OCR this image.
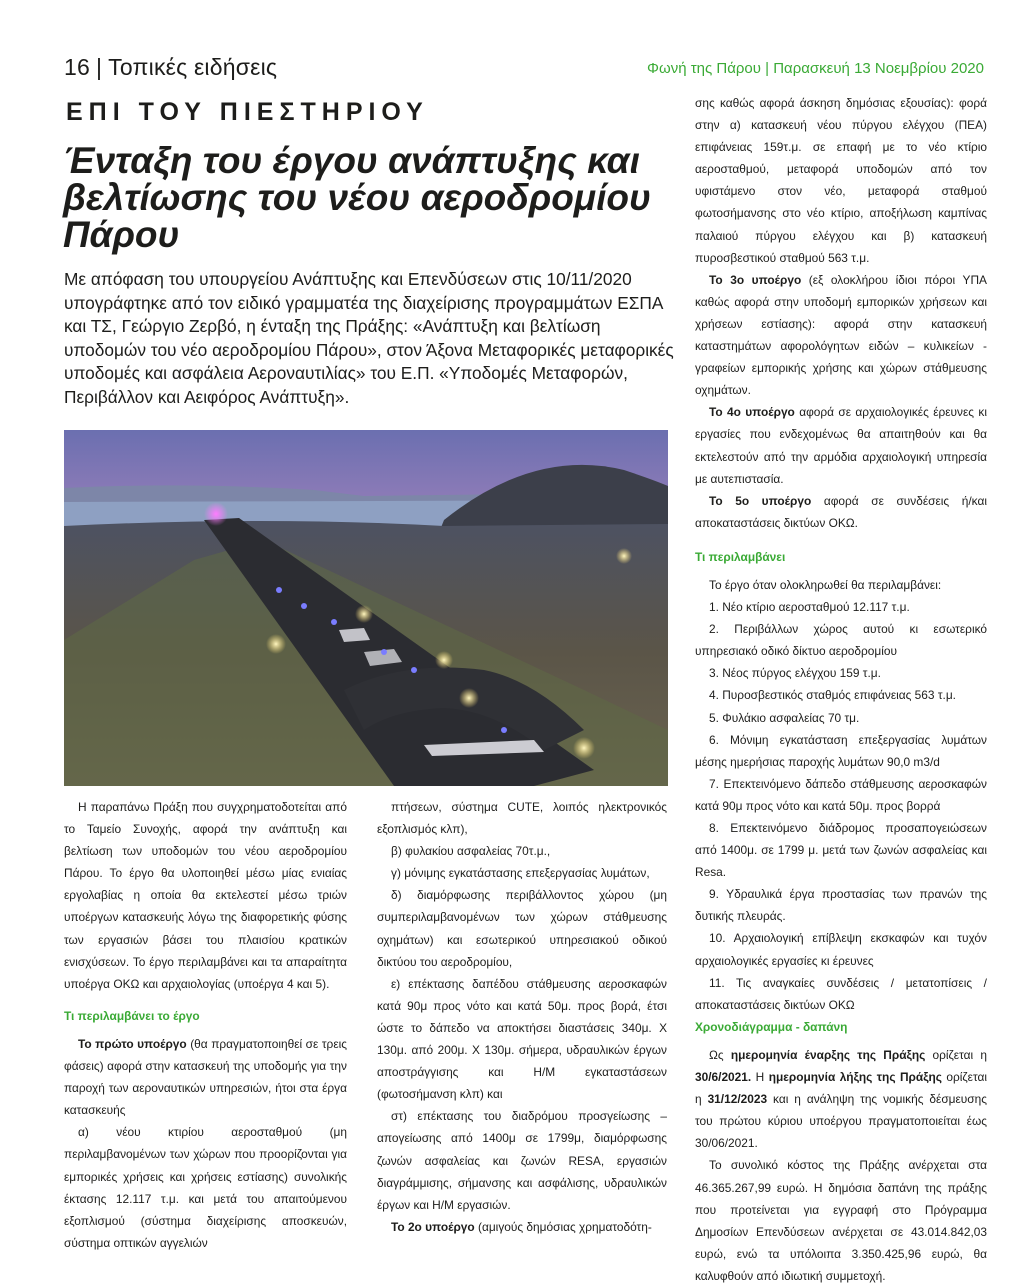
16 | Τοπικές ειδήσεις	Φωνή της Πάρου | Παρασκευή 13 Νοεμβρίου 2020
ΕΠΙ ΤΟΥ ΠΙΕΣΤΗΡΙΟΥ
Ένταξη του έργου ανάπτυξης και βελτίωσης του νέου αεροδρομίου Πάρου
Με απόφαση του υπουργείου Ανάπτυξης και Επενδύσεων στις 10/11/2020 υπογράφτηκε από τον ειδικό γραμματέα της διαχείρισης προγραμμάτων ΕΣΠΑ και ΤΣ, Γεώργιο Ζερβό, η ένταξη της Πράξης: «Ανάπτυξη και βελτίωση υποδομών του νέο αεροδρομίου Πάρου», στον Άξονα Μεταφορικές μεταφορικές υποδομές και ασφάλεια Αεροναυτιλίας» του Ε.Π. «Υποδομές Μεταφορών, Περιβάλλον και Αειφόρος Ανάπτυξη».

Η παραπάνω Πράξη που συγχρηματοδοτείται από το Ταμείο Συνοχής, αφορά την ανάπτυξη και βελτίωση των υποδομών του νέου αεροδρομίου Πάρου. Το έργο θα υλοποιηθεί μέσω μίας ενιαίας εργολαβίας η οποία θα εκτελεστεί μέσω τριών υποέργων κατασκευής λόγω της διαφορετικής φύσης των εργασιών βάσει του πλαισίου κρατικών ενισχύσεων. Το έργο περιλαμβάνει και τα απαραίτητα υποέργα ΟΚΩ και αρχαιολογίας (υποέργα 4 και 5).

Τι περιλαμβάνει το έργο

Το πρώτο υποέργο (θα πραγματοποιηθεί σε τρεις φάσεις) αφορά στην κατασκευή της υποδομής για την παροχή των αεροναυτικών υπηρεσιών, ήτοι στα έργα κατασκευής

α) νέου κτιρίου αεροσταθμού (μη περιλαμβανομένων των χώρων που προορίζονται για εμπορικές χρήσεις και χρήσεις εστίασης) συνολικής έκτασης 12.117 τ.μ. και μετά του απαιτούμενου εξοπλισμού (σύστημα διαχείρισης αποσκευών, σύστημα οπτικών αγγελιών

πτήσεων, σύστημα CUTE, λοιπός ηλεκτρονικός εξοπλισμός κλπ),

β) φυλακίου ασφαλείας 70τ.μ.,

γ) μόνιμης εγκατάστασης επεξεργασίας λυμάτων,

δ) διαμόρφωσης περιβάλλοντος χώρου (μη συμπεριλαμβανομένων των χώρων στάθμευσης οχημάτων) και εσωτερικού υπηρεσιακού οδικού δικτύου του αεροδρομίου,

ε) επέκτασης δαπέδου στάθμευσης αεροσκαφών κατά 90μ προς νότο και κατά 50μ. προς βορά, έτσι ώστε το δάπεδο να αποκτήσει διαστάσεις 340μ. Χ 130μ. από 200μ. Χ 130μ. σήμερα, υδραυλικών έργων αποστράγγισης και Η/Μ εγκαταστάσεων (φωτοσήμανση κλπ) και

στ) επέκτασης του διαδρόμου προσγείωσης – απογείωσης από 1400μ σε 1799μ, διαμόρφωσης ζωνών ασφαλείας και ζωνών RESA, εργασιών διαγράμμισης, σήμανσης και ασφάλισης, υδραυλικών έργων και Η/Μ εργασιών.

Το 2ο υποέργο (αμιγούς δημόσιας χρηματοδότη-

σης καθώς αφορά άσκηση δημόσιας εξουσίας): φορά στην α) κατασκευή νέου πύργου ελέγχου (ΠΕΑ) επιφάνειας 159τ.μ. σε επαφή με το νέο κτίριο αεροσταθμού, μεταφορά υποδομών από τον υφιστάμενο στον νέο, μεταφορά σταθμού φωτοσήμανσης στο νέο κτίριο, αποξήλωση καμπίνας παλαιού πύργου ελέγχου και β) κατασκευή πυροσβεστικού σταθμού 563 τ.μ.

Το 3ο υποέργο (εξ ολοκλήρου ίδιοι πόροι ΥΠΑ καθώς αφορά στην υποδομή εμπορικών χρήσεων και χρήσεων εστίασης): αφορά στην κατασκευή καταστημάτων αφορολόγητων ειδών – κυλικείων - γραφείων εμπορικής χρήσης και χώρων στάθμευσης οχημάτων.

Το 4ο υποέργο αφορά σε αρχαιολογικές έρευνες κι εργασίες που ενδεχομένως θα απαιτηθούν και θα εκτελεστούν από την αρμόδια αρχαιολογική υπηρεσία με αυτεπιστασία.

Το 5ο υποέργο αφορά σε συνδέσεις ή/και αποκαταστάσεις δικτύων ΟΚΩ.

Τι περιλαμβάνει

Το έργο όταν ολοκληρωθεί θα περιλαμβάνει:

1. Νέο κτίριο αεροσταθμού 12.117 τ.μ.

2. Περιβάλλων χώρος αυτού κι εσωτερικό υπηρεσιακό οδικό δίκτυο αεροδρομίου

3. Νέος πύργος ελέγχου 159 τ.μ.

4. Πυροσβεστικός σταθμός επιφάνειας 563 τ.μ.

5. Φυλάκιο ασφαλείας 70 τμ.

6. Μόνιμη εγκατάσταση επεξεργασίας λυμάτων μέσης ημερήσιας παροχής λυμάτων 90,0 m3/d

7. Επεκτεινόμενο δάπεδο στάθμευσης αεροσκαφών κατά 90μ προς νότο και κατά 50μ. προς βορρά

8. Επεκτεινόμενο διάδρομος προσαπογειώσεων από 1400μ. σε 1799 μ. μετά των ζωνών ασφαλείας και Resa.

9. Υδραυλικά έργα προστασίας των πρανών της δυτικής πλευράς.

10. Αρχαιολογική επίβλεψη εκσκαφών και τυχόν αρχαιολογικές εργασίες κι έρευνες

11. Τις αναγκαίες συνδέσεις / μετατοπίσεις / αποκαταστάσεις δικτύων ΟΚΩ

Χρονοδιάγραμμα - δαπάνη

Ως ημερομηνία έναρξης της Πράξης ορίζεται η 30/6/2021. Η ημερομηνία λήξης της Πράξης ορίζεται η 31/12/2023 και η ανάληψη της νομικής δέσμευσης του πρώτου κύριου υποέργου πραγματοποιείται έως 30/06/2021.

Το συνολικό κόστος της Πράξης ανέρχεται στα 46.365.267,99 ευρώ. Η δημόσια δαπάνη της πράξης που προτείνεται για εγγραφή στο Πρόγραμμα Δημοσίων Επενδύσεων ανέρχεται σε 43.014.842,03 ευρώ, ενώ τα υπόλοιπα 3.350.425,96 ευρώ, θα καλυφθούν από ιδιωτική συμμετοχή.
